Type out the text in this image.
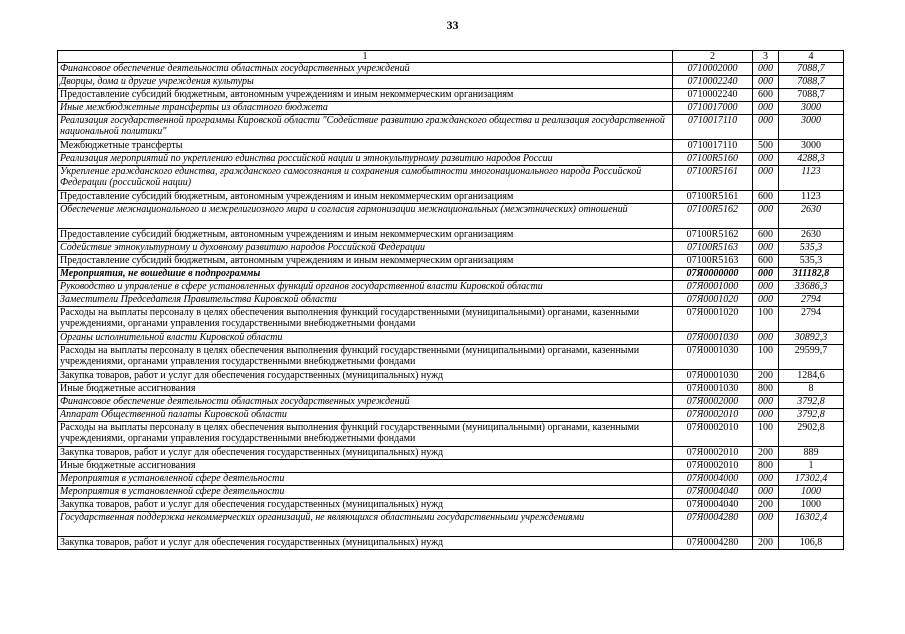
33
1	2	3	4
Финансовое обеспечение деятельности областных государственных учреждений	0710002000	000	7088,7
Дворцы, дома и другие учреждения культуры	0710002240	000	7088,7
Предоставление субсидий бюджетным, автономным учреждениям и иным некоммерческим организациям	0710002240	600	7088,7
Иные межбюджетные трансферты из областного бюджета	0710017000	000	3000
Реализация государственной программы Кировской области "Содействие развитию гражданского общества и реализация государственной национальной политики"	0710017110	000	3000
Межбюджетные трансферты	0710017110	500	3000
Реализация мероприятий по укреплению единства российской нации и этнокультурному развитию народов России	07100R5160	000	4288,3
Укрепление гражданского единства, гражданского самосознания и сохранения самобытности многонационального народа Российской Федерации (российской нации)	07100R5161	000	1123
Предоставление субсидий бюджетным, автономным учреждениям и иным некоммерческим организациям	07100R5161	600	1123
Обеспечение межнационального и межрелигиозного мира и согласия гармонизации межнациональных (межэтнических) отношений	07100R5162	000	2630
Предоставление субсидий бюджетным, автономным учреждениям и иным некоммерческим организациям	07100R5162	600	2630
Содействие этнокультурному и духовному развитию народов Российской Федерации	07100R5163	000	535,3
Предоставление субсидий бюджетным, автономным учреждениям и иным некоммерческим организациям	07100R5163	600	535,3
Мероприятия, не вошедшие в подпрограммы	07Я0000000	000	311182,8
Руководство и управление в сфере установленных функций органов государственной власти Кировской области	07Я0001000	000	33686,3
Заместители Председателя Правительства Кировской области	07Я0001020	000	2794
Расходы на выплаты персоналу в целях обеспечения выполнения функций государственными (муниципальными) органами, казенными учреждениями, органами управления государственными внебюджетными фондами	07Я0001020	100	2794
Органы исполнительной власти Кировской области	07Я0001030	000	30892,3
Расходы на выплаты персоналу в целях обеспечения выполнения функций государственными (муниципальными) органами, казенными учреждениями, органами управления государственными внебюджетными фондами	07Я0001030	100	29599,7
Закупка товаров, работ и услуг для обеспечения государственных (муниципальных) нужд	07Я0001030	200	1284,6
Иные бюджетные ассигнования	07Я0001030	800	8
Финансовое обеспечение деятельности областных государственных учреждений	07Я0002000	000	3792,8
Аппарат Общественной палаты Кировской области	07Я0002010	000	3792,8
Расходы на выплаты персоналу в целях обеспечения выполнения функций государственными (муниципальными) органами, казенными учреждениями, органами управления государственными внебюджетными фондами	07Я0002010	100	2902,8
Закупка товаров, работ и услуг для обеспечения государственных (муниципальных) нужд	07Я0002010	200	889
Иные бюджетные ассигнования	07Я0002010	800	1
Мероприятия в установленной сфере деятельности	07Я0004000	000	17302,4
Мероприятия в установленной сфере деятельности	07Я0004040	000	1000
Закупка товаров, работ и услуг для обеспечения государственных (муниципальных) нужд	07Я0004040	200	1000
Государственная поддержка некоммерческих организаций, не являющихся областными государственными учреждениями	07Я0004280	000	16302,4
Закупка товаров, работ и услуг для обеспечения государственных (муниципальных) нужд	07Я0004280	200	106,8
